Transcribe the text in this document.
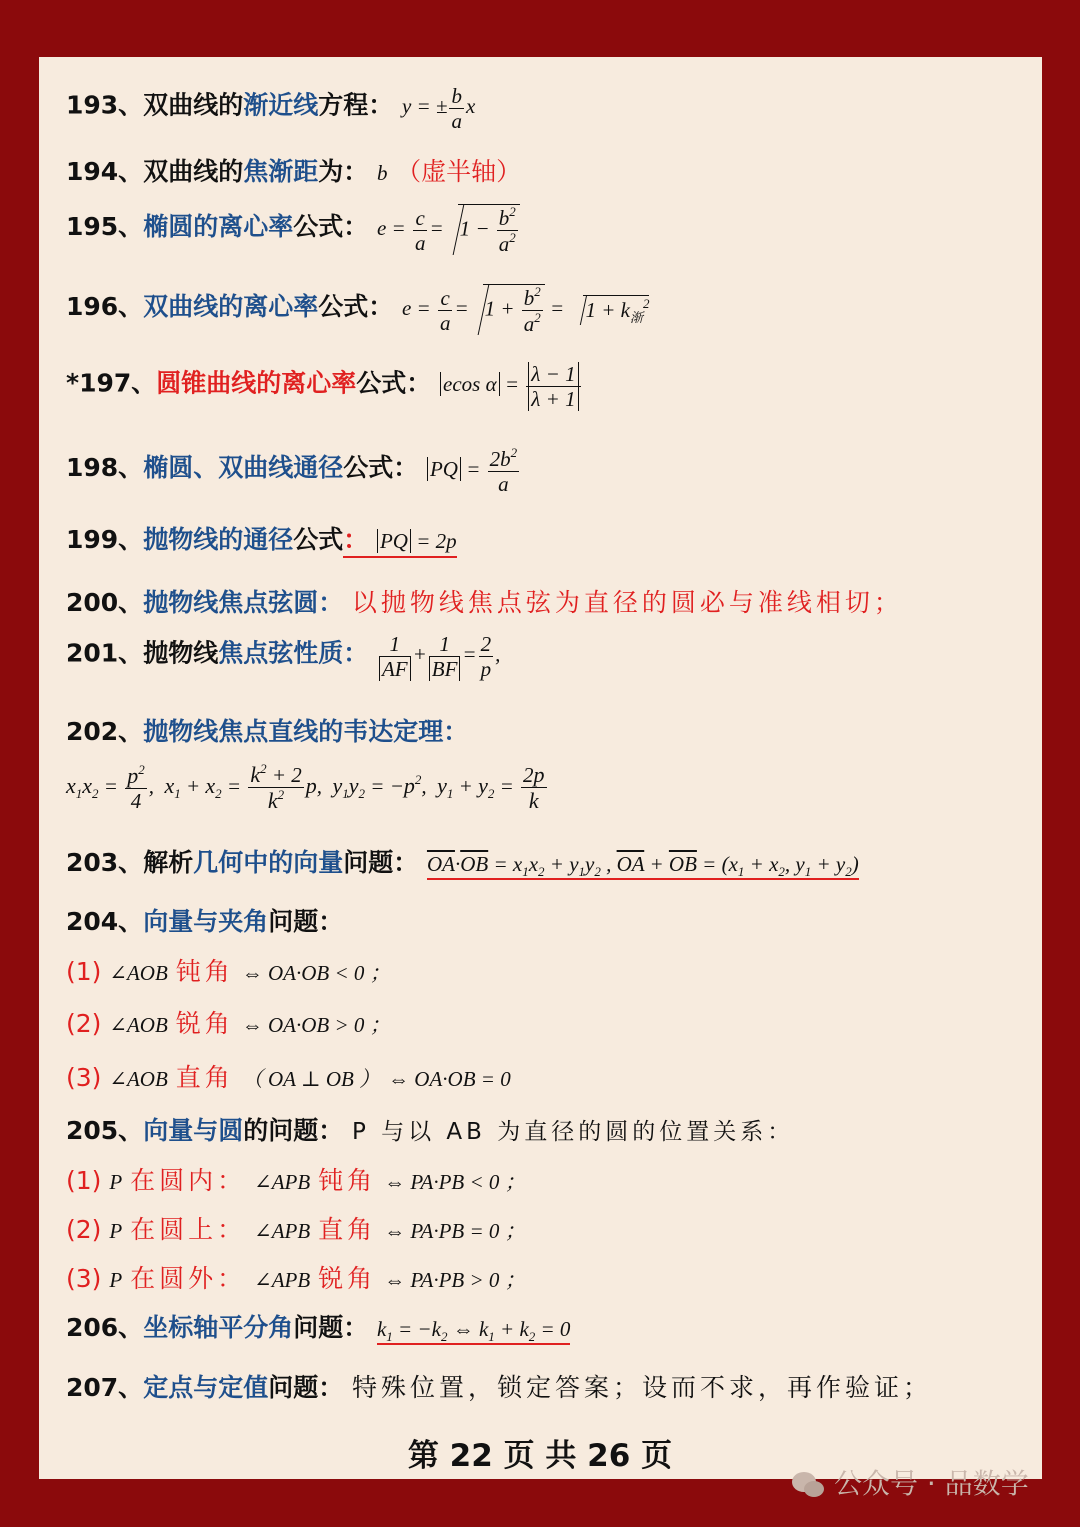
193、双曲线的渐近线方程： y = ± $\frac{b}{a}$ x
194、双曲线的焦渐距为： b （虚半轴）
195、椭圆的离心率公式： $e = \frac{c}{a} = 1 - \frac{b^2}{a^2}$
196、双曲线的离心率公式： $e = \frac{c}{a} = 1 + \frac{b^2}{a^2} = 1 + k_渐^2$
*197、圆锥曲线的离心率公式： ecos $\alpha = \frac{\lambda - 1}{\lambda + 1}$
198、椭圆、双曲线通径公式： PQ = $\frac{2b^2}{a}$
199、抛物线的通径公式： PQ = 2p
200、抛物线焦点弦圆： 以抛物线焦点弦为直径的圆必与准线相切；
201、抛物线焦点弦性质： $\frac{1}{AF} + \frac{1}{BF} = \frac{2}{p}$ ,
202、抛物线焦点直线的韦达定理：
$x_1x_2 = \frac{p^2}{4}$ ,  $x_1 + x_2 = \frac{k^2 + 2}{k^2} p$,  $y_1y_2 = -p^2$,  $y_1 + y_2 = \frac{2p}{k}$
203、解析几何中的向量问题： $\overline{OA}\cdot\overline{OB} = x_1x_2 + y_1y_2$ , $\overline{OA} + \overline{OB} = (x_1 + x_2$, $y_1 + y_2$)
204、向量与夹角问题：
(1) ∠AOB 钝角 ⇔ OA·OB < 0 ；
(2) ∠AOB 锐角 ⇔ OA·OB > 0 ；
(3) ∠AOB 直角 （ OA ⊥ OB ） ⇔ OA·OB = 0
205、向量与圆的问题： P 与以 AB 为直径的圆的位置关系：
(1) P 在圆内： ∠APB 钝角 ⇔ PA·PB < 0 ；
(2) P 在圆上： ∠APB 直角 ⇔ PA·PB = 0 ；
(3) P 在圆外： ∠APB 锐角 ⇔ PA·PB > 0 ；
206、坐标轴平分角问题： $k_1 = -k_2$ ⇔ $k_1 + k_2 = 0$
207、定点与定值问题： 特殊位置，锁定答案；设而不求，再作验证；
第 22 页 共 26 页
公众号 · 品数学
